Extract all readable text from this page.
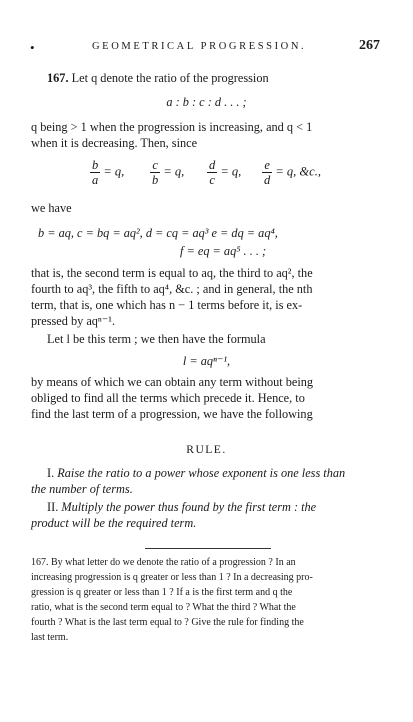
•	GEOMETRICAL PROGRESSION.	267
167. Let q denote the ratio of the progression
a : b : c : d . . . ;
q being > 1 when the progression is increasing, and q < 1
when it is decreasing. Then, since
$\frac{b}{a} = q$, $\frac{c}{b} = q$, $\frac{d}{c} = q$, $\frac{e}{d} = q$, &c.,
we have
b = aq, c = bq = aq², d = cq = aq³ e = dq = aq⁴,
f = eq = aq⁵ . . . ;
that is, the second term is equal to aq, the third to aq², the
fourth to aq³, the fifth to aq⁴, &c. ; and in general, the nth
term, that is, one which has n − 1 terms before it, is ex-
pressed by aqⁿ⁻¹.
Let l be this term ; we then have the formula
l = aqⁿ⁻¹,
by means of which we can obtain any term without being
obliged to find all the terms which precede it. Hence, to
find the last term of a progression, we have the following
RULE.
I. Raise the ratio to a power whose exponent is one less than
the number of terms.
II. Multiply the power thus found by the first term : the
product will be the required term.
167. By what letter do we denote the ratio of a progression ? In an
increasing progression is q greater or less than 1 ? In a decreasing pro-
gression is q greater or less than 1 ? If a is the first term and q the
ratio, what is the second term equal to ? What the third ? What the
fourth ? What is the last term equal to ? Give the rule for finding the
last term.
